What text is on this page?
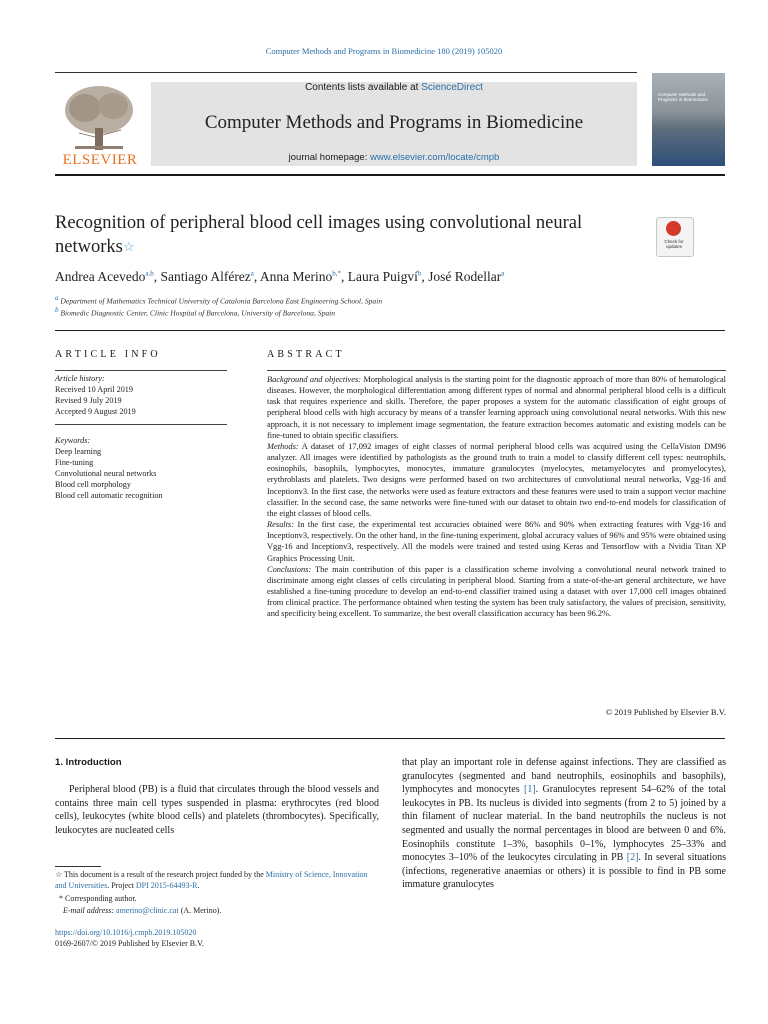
Computer Methods and Programs in Biomedicine 180 (2019) 105020
ELSEVIER
Contents lists available at ScienceDirect
Computer Methods and Programs in Biomedicine
journal homepage: www.elsevier.com/locate/cmpb
Computer Methods and Programs in Biomedicine
Recognition of peripheral blood cell images using convolutional neural networks☆	Check for updates
Andrea Acevedo$^{a,b}$, Santiago Alférez$^a$, Anna Merino$^{b,*}$, Laura Puigví$^b$, José Rodellar$^a$
$^a$ Department of Mathematics Technical University of Catalonia Barcelona East Engineering School, Spain
$^b$ Biomedic Diagnostic Center, Clinic Hospital of Barcelona, University of Barcelona, Spain
ARTICLE INFO
Article history:
Received 10 April 2019
Revised 9 July 2019
Accepted 9 August 2019
Keywords:
Deep learning
Fine-tuning
Convolutional neural networks
Blood cell morphology
Blood cell automatic recognition
ABSTRACT

Background and objectives: Morphological analysis is the starting point for the diagnostic approach of more than 80% of hematological diseases. However, the morphological differentiation among different types of normal and abnormal peripheral blood cells is a difficult task that requires experience and skills. Therefore, the paper proposes a system for the automatic classification of eight groups of peripheral blood cells with high accuracy by means of a transfer learning approach using convolutional neural networks. With this new approach, it is not necessary to implement image segmentation, the feature extraction becomes automatic and existing models can be fine-tuned to obtain specific classifiers.

Methods: A dataset of 17,092 images of eight classes of normal peripheral blood cells was acquired using the CellaVision DM96 analyzer. All images were identified by pathologists as the ground truth to train a model to classify different cell types: neutrophils, eosinophils, basophils, lymphocytes, monocytes, immature granulocytes (myelocytes, metamyelocytes and promyelocytes), erythroblasts and platelets. Two designs were performed based on two architectures of convolutional neural networks, Vgg-16 and Inceptionv3. In the first case, the networks were used as feature extractors and these features were used to train a support vector machine classifier. In the second case, the same networks were fine-tuned with our dataset to obtain two end-to-end models for classification of the eight classes of blood cells.

Results: In the first case, the experimental test accuracies obtained were 86% and 90% when extracting features with Vgg-16 and Inceptionv3, respectively. On the other hand, in the fine-tuning experiment, global accuracy values of 96% and 95% were obtained using Vgg-16 and Inceptionv3, respectively. All the models were trained and tested using Keras and Tensorflow with a Nvidia Titan XP Graphics Processing Unit.

Conclusions: The main contribution of this paper is a classification scheme involving a convolutional neural network trained to discriminate among eight classes of cells circulating in peripheral blood. Starting from a state-of-the-art general architecture, we have established a fine-tuning procedure to develop an end-to-end classifier trained using a dataset with over 17,000 cell images obtained from clinical practice. The performance obtained when testing the system has been truly satisfactory, the values of precision, sensitivity, and specificity being excellent. To summarize, the best overall classification accuracy has been 96.2%.

© 2019 Published by Elsevier B.V.
1. Introduction
Peripheral blood (PB) is a fluid that circulates through the blood vessels and contains three main cell types suspended in plasma: erythrocytes (red blood cells), leukocytes (white blood cells) and platelets (thrombocytes). Specifically, leukocytes are nucleated cells
that play an important role in defense against infections. They are classified as granulocytes (segmented and band neutrophils, eosinophils and basophils), lymphocytes and monocytes [1]. Granulocytes represent 54–62% of the total leukocytes in PB. Its nucleus is divided into segments (from 2 to 5) joined by a thin filament of nuclear material. In the band neutrophils the nucleus is not segmented and usually the normal percentages in blood are between 0 and 6%. Eosinophils constitute 1–3%, basophils 0–1%, lymphocytes 25–33% and monocytes 3–10% of the leukocytes circulating in PB [2]. In several situations (infections, regenerative anaemias or others) it is possible to find in PB some immature granulocytes
☆ This document is a result of the research project funded by the Ministry of Science, Innovation and Universities. Project DPI 2015-64493-R.
* Corresponding author.
E-mail address: amerino@clinic.cat (A. Merino).
https://doi.org/10.1016/j.cmpb.2019.105020
0169-2607/© 2019 Published by Elsevier B.V.
